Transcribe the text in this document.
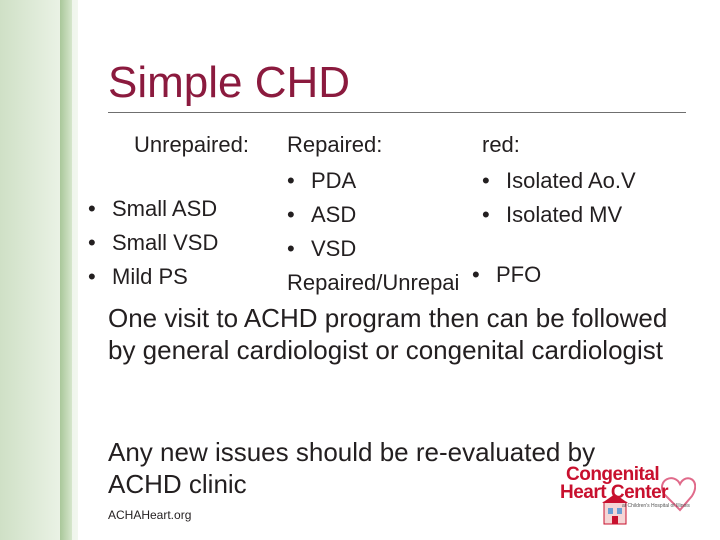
Simple CHD
Unrepaired:
• Small ASD
• Small VSD
• Mild PS
Repaired:
• PDA
• ASD
• VSD
Repaired/Unrepai
red:
• Isolated Ao.V
• Isolated MV
• PFO
One visit to ACHD program then can be followed by general cardiologist or congenital cardiologist
Any new issues should be re-evaluated by ACHD clinic
ACHAHeart.org
Congenital
Heart Center
at Children's Hospital of Illinois
